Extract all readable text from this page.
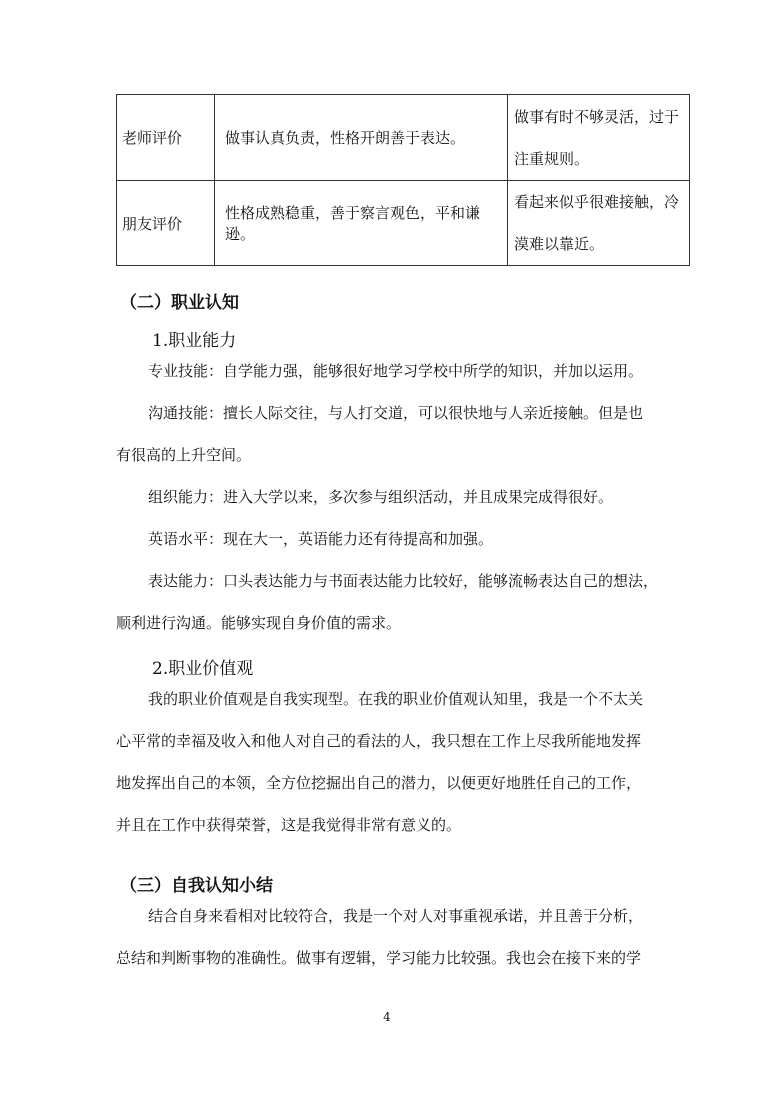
老师评价	做事认真负责，性格开朗善于表达。	做事有时不够灵活，过于
注重规则。

朋友评价	性格成熟稳重，善于察言观色，平和谦逊。	看起来似乎很难接触，冷
漠难以靠近。
（二）职业认知
1.职业能力

专业技能：自学能力强，能够很好地学习学校中所学的知识，并加以运用。

沟通技能：擅长人际交往，与人打交道，可以很快地与人亲近接触。但是也

有很高的上升空间。

组织能力：进入大学以来，多次参与组织活动，并且成果完成得很好。

英语水平：现在大一，英语能力还有待提高和加强。

表达能力：口头表达能力与书面表达能力比较好，能够流畅表达自己的想法，

顺利进行沟通。能够实现自身价值的需求。

2.职业价值观

我的职业价值观是自我实现型。在我的职业价值观认知里，我是一个不太关

心平常的幸福及收入和他人对自己的看法的人，我只想在工作上尽我所能地发挥

地发挥出自己的本领，全方位挖掘出自己的潜力，以便更好地胜任自己的工作，

并且在工作中获得荣誉，这是我觉得非常有意义的。

（三）自我认知小结

结合自身来看相对比较符合，我是一个对人对事重视承诺，并且善于分析，

总结和判断事物的准确性。做事有逻辑，学习能力比较强。我也会在接下来的学

4
